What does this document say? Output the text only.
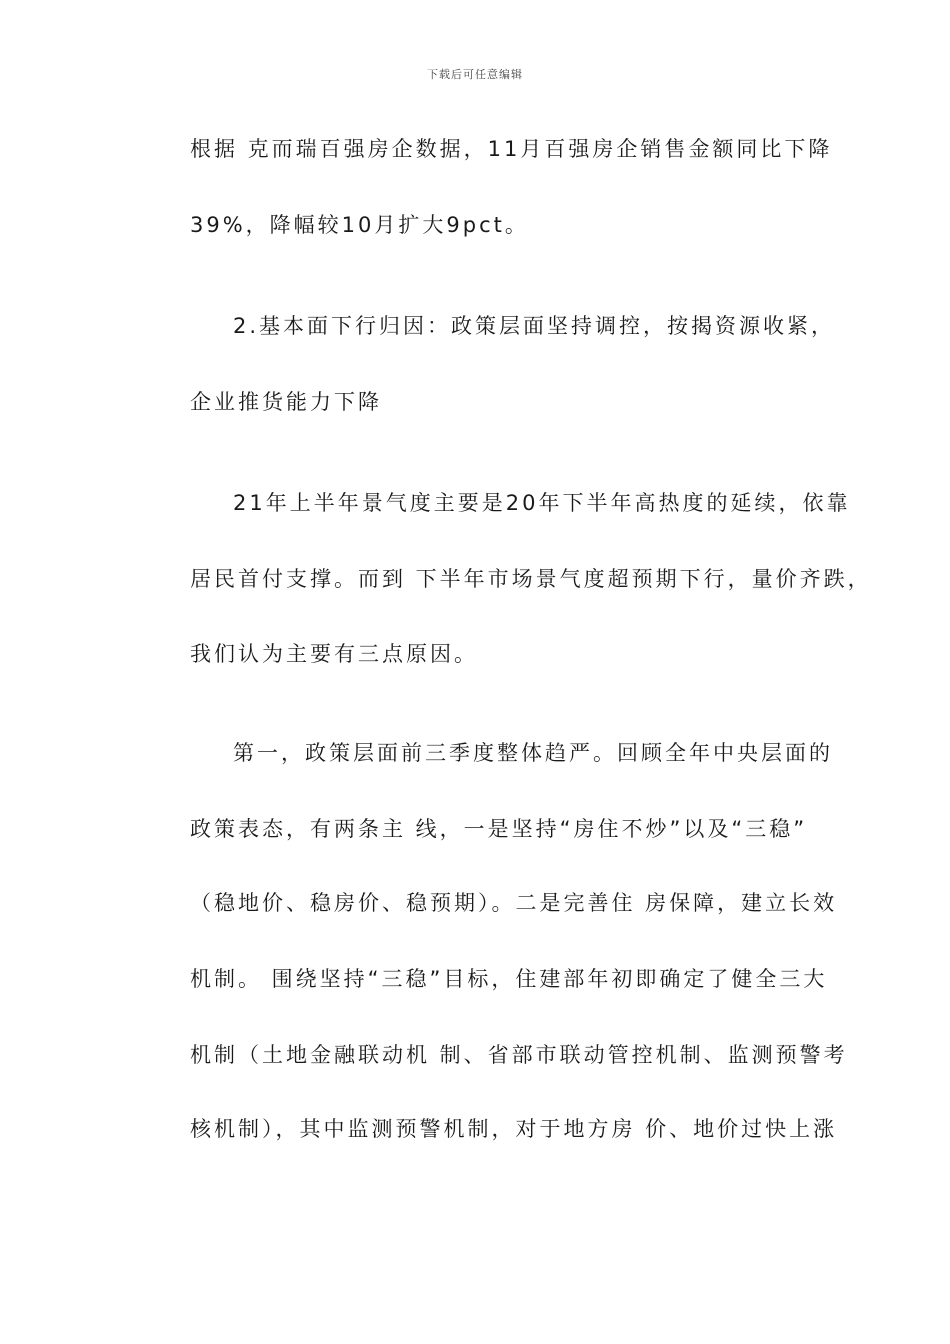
下载后可任意编辑
根据 克而瑞百强房企数据，11月百强房企销售金额同比下降
39%，降幅较10月扩大9pct。
2.基本面下行归因：政策层面坚持调控，按揭资源收紧，
企业推货能力下降
21年上半年景气度主要是20年下半年高热度的延续，依靠
居民首付支撑。而到 下半年市场景气度超预期下行，量价齐跌，
我们认为主要有三点原因。
第一，政策层面前三季度整体趋严。回顾全年中央层面的
政策表态，有两条主 线，一是坚持“房住不炒”以及“三稳”
（稳地价、稳房价、稳预期）。二是完善住 房保障，建立长效
机制。 围绕坚持“三稳”目标，住建部年初即确定了健全三大
机制（土地金融联动机 制、省部市联动管控机制、监测预警考
核机制），其中监测预警机制，对于地方房 价、地价过快上涨
